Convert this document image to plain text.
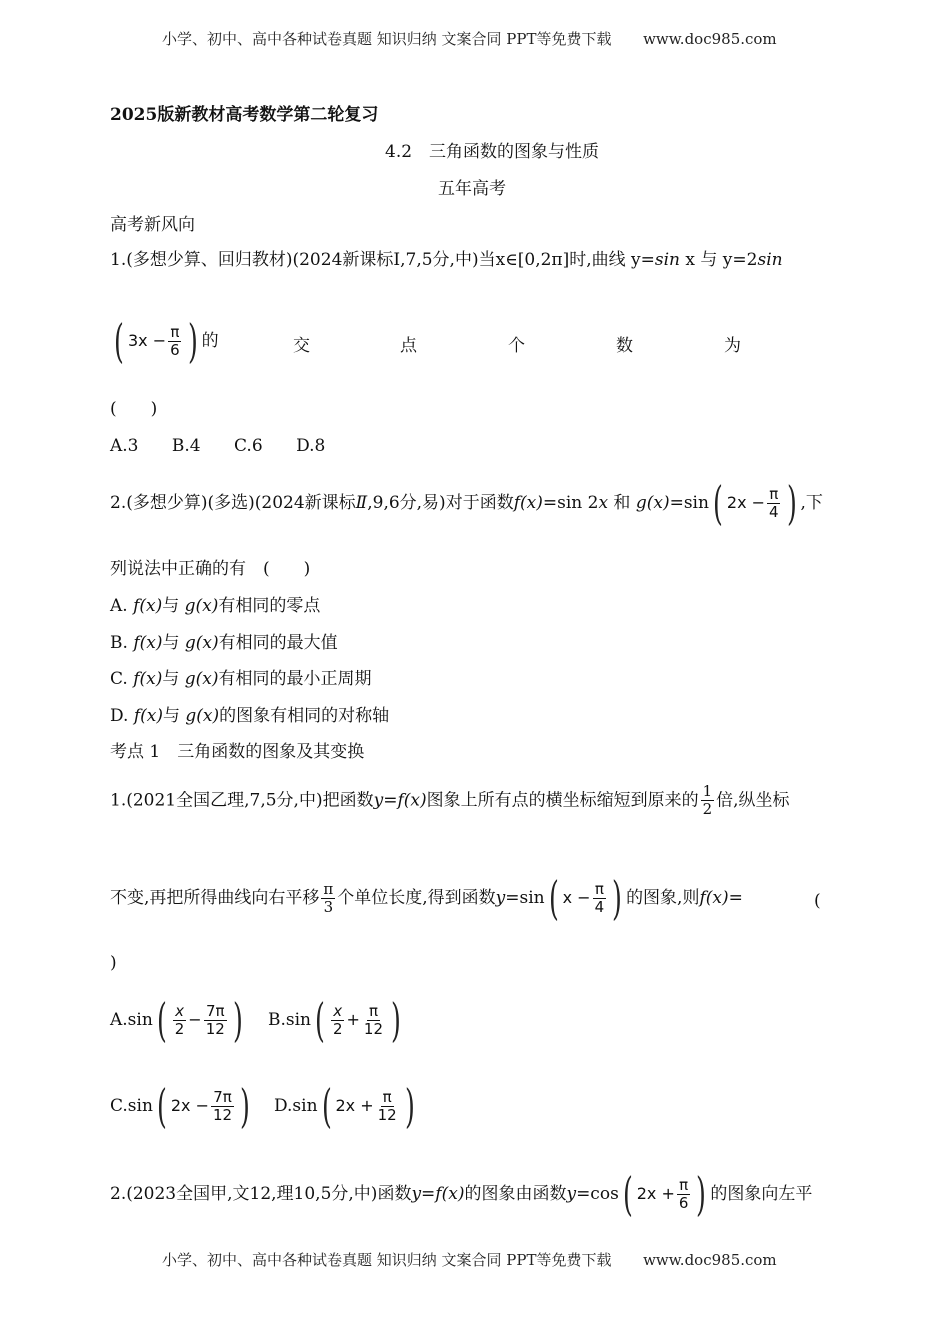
小学、初中、高中各种试卷真题 知识归纳 文案合同 PPT等免费下载 www.doc985.com
2025版新教材高考数学第二轮复习
4.2　三角函数的图象与性质
五年高考
高考新风向
1.(多想少算、回归教材)(2024新课标Ⅰ,7,5分,中)当x∈[0,2π]时,曲线 y=sin x 与 y=2sin
( $3x - \frac{\pi}{6}$ ) 的	交	点	个	数	为
(　　)
A.3 B.4 C.6 D.8
2.(多想少算)(多选)(2024新课标Ⅱ,9,6分,易)对于函数f(x)=sin 2x 和 g(x)=sin ( $2x - \frac{\pi}{4}$ ) ,下
列说法中正确的有　(　　)
A. f(x)与 g(x)有相同的零点
B. f(x)与 g(x)有相同的最大值
C. f(x)与 g(x)有相同的最小正周期
D. f(x)与 g(x)的图象有相同的对称轴
考点 1　三角函数的图象及其变换
1.(2021全国乙理,7,5分,中)把函数y=f(x)图象上所有点的横坐标缩短到原来的 $\frac{1}{2}$ 倍,纵坐标
不变,再把所得曲线向右平移 $\frac{\pi}{3}$ 个单位长度,得到函数y=sin ( $x - \frac{\pi}{4}$ ) 的图象,则f(x)=	(
)
A.sin ( $\frac{x}{2} - \frac{7\pi}{12}$ ) B.sin ( $\frac{x}{2} + \frac{\pi}{12}$ )
C.sin ( $2x - \frac{7\pi}{12}$ ) D.sin ( $2x + \frac{\pi}{12}$ )
2.(2023全国甲,文12,理10,5分,中)函数y=f(x)的图象由函数y=cos ( $2x + \frac{\pi}{6}$ ) 的图象向左平
小学、初中、高中各种试卷真题 知识归纳 文案合同 PPT等免费下载 www.doc985.com
